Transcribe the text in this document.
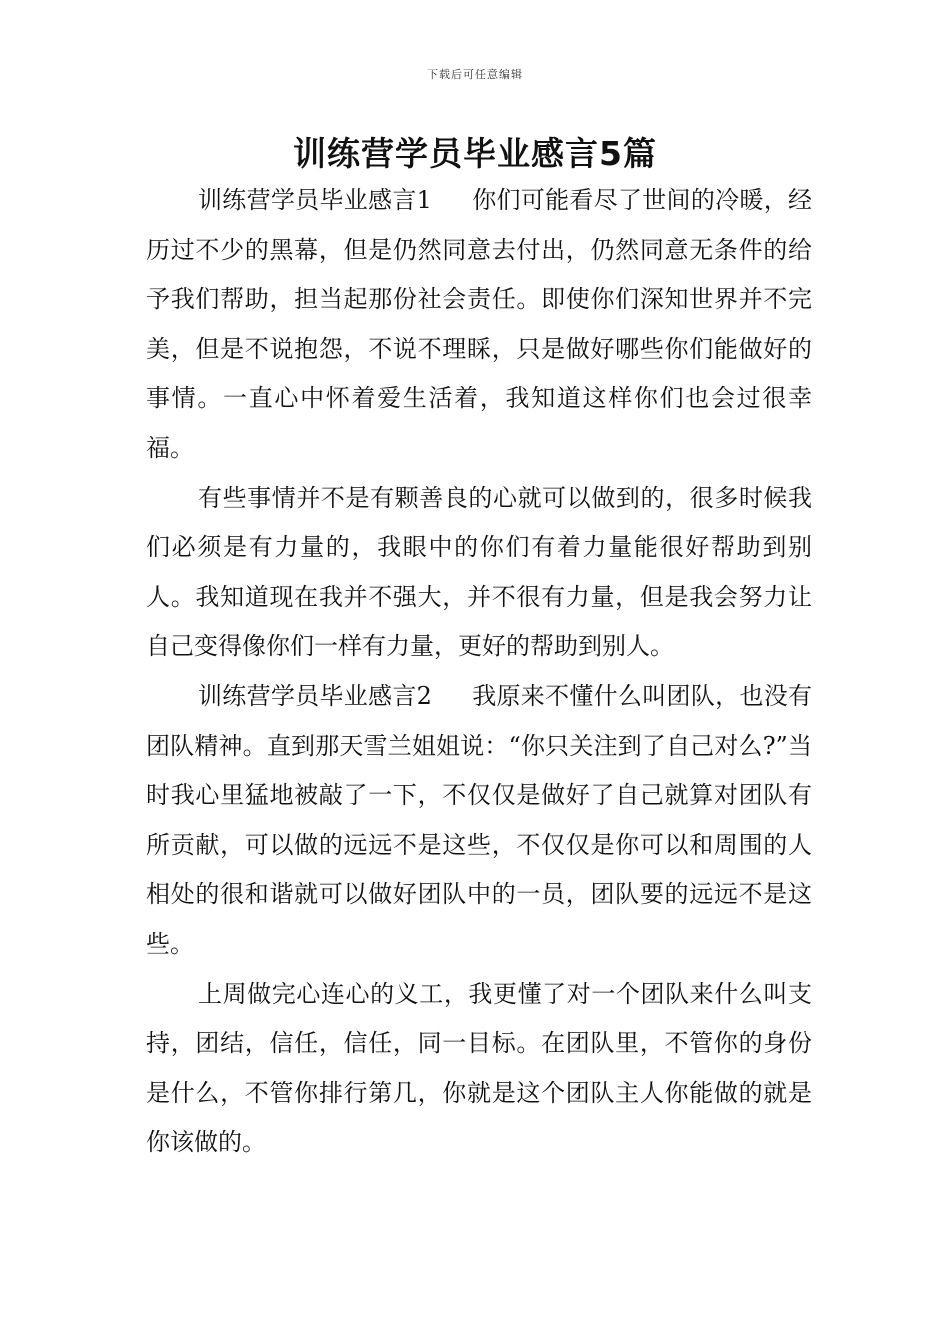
下载后可任意编辑
训练营学员毕业感言5篇

训练营学员毕业感言1 你们可能看尽了世间的冷暖，经历过不少的黑幕，但是仍然同意去付出，仍然同意无条件的给予我们帮助，担当起那份社会责任。即使你们深知世界并不完美，但是不说抱怨，不说不理睬，只是做好哪些你们能做好的事情。一直心中怀着爱生活着，我知道这样你们也会过很幸福。

有些事情并不是有颗善良的心就可以做到的，很多时候我们必须是有力量的，我眼中的你们有着力量能很好帮助到别人。我知道现在我并不强大，并不很有力量，但是我会努力让自己变得像你们一样有力量，更好的帮助到别人。

训练营学员毕业感言2 我原来不懂什么叫团队，也没有团队精神。直到那天雪兰姐姐说：“你只关注到了自己对么?”当时我心里猛地被敲了一下，不仅仅是做好了自己就算对团队有所贡献，可以做的远远不是这些，不仅仅是你可以和周围的人相处的很和谐就可以做好团队中的一员，团队要的远远不是这些。

上周做完心连心的义工，我更懂了对一个团队来什么叫支持，团结，信任，信任，同一目标。在团队里，不管你的身份是什么，不管你排行第几，你就是这个团队主人你能做的就是你该做的。
